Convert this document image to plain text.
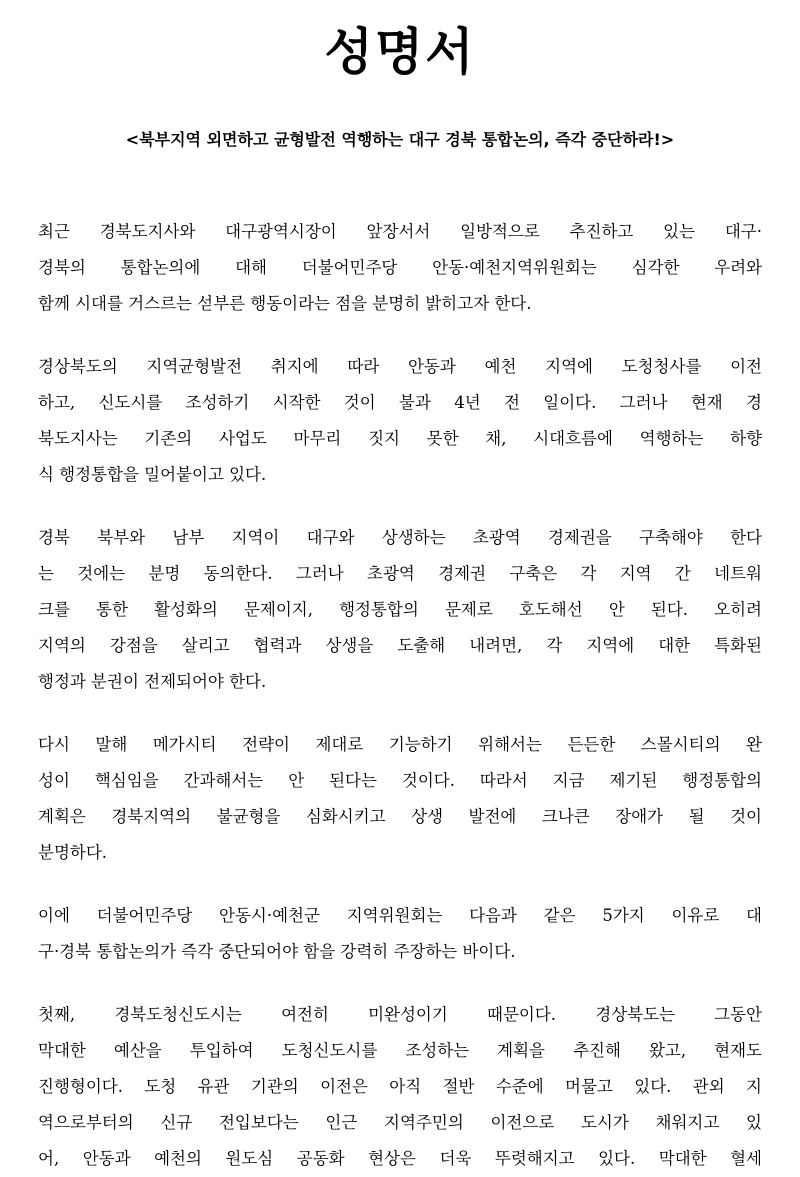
성명서
<북부지역 외면하고 균형발전 역행하는 대구 경북 통합논의, 즉각 중단하라!>
최근 경북도지사와 대구광역시장이 앞장서서 일방적으로 추진하고 있는 대구·
경북의 통합논의에 대해 더불어민주당 안동·예천지역위원회는 심각한 우려와
함께 시대를 거스르는 섣부른 행동이라는 점을 분명히 밝히고자 한다.
경상북도의 지역균형발전 취지에 따라 안동과 예천 지역에 도청청사를 이전
하고, 신도시를 조성하기 시작한 것이 불과 4년 전 일이다. 그러나 현재 경
북도지사는 기존의 사업도 마무리 짓지 못한 채, 시대흐름에 역행하는 하향
식 행정통합을 밀어붙이고 있다.
경북 북부와 남부 지역이 대구와 상생하는 초광역 경제권을 구축해야 한다
는 것에는 분명 동의한다. 그러나 초광역 경제권 구축은 각 지역 간 네트워
크를 통한 활성화의 문제이지, 행정통합의 문제로 호도해선 안 된다. 오히려
지역의 강점을 살리고 협력과 상생을 도출해 내려면, 각 지역에 대한 특화된
행정과 분권이 전제되어야 한다.
다시 말해 메가시티 전략이 제대로 기능하기 위해서는 든든한 스몰시티의 완
성이 핵심임을 간과해서는 안 된다는 것이다. 따라서 지금 제기된 행정통합의
계획은 경북지역의 불균형을 심화시키고 상생 발전에 크나큰 장애가 될 것이
분명하다.
이에 더불어민주당 안동시·예천군 지역위원회는 다음과 같은 5가지 이유로 대
구·경북 통합논의가 즉각 중단되어야 함을 강력히 주장하는 바이다.
첫째, 경북도청신도시는 여전히 미완성이기 때문이다. 경상북도는 그동안
막대한 예산을 투입하여 도청신도시를 조성하는 계획을 추진해 왔고, 현재도
진행형이다. 도청 유관 기관의 이전은 아직 절반 수준에 머물고 있다. 관외 지
역으로부터의 신규 전입보다는 인근 지역주민의 이전으로 도시가 채워지고 있
어, 안동과 예천의 원도심 공동화 현상은 더욱 뚜렷해지고 있다. 막대한 혈세
